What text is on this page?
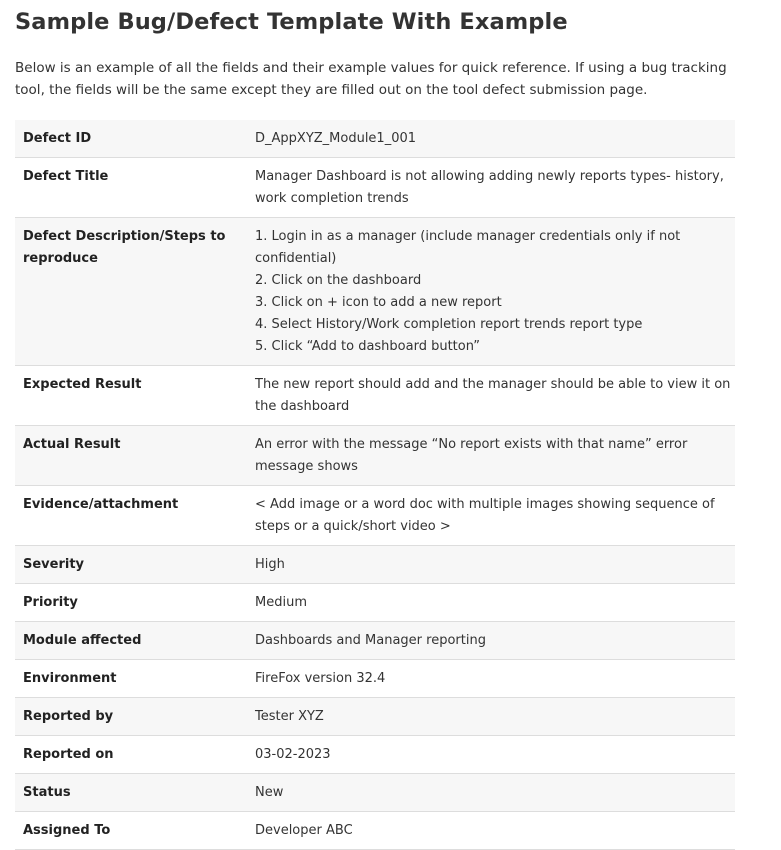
Sample Bug/Defect Template With Example

Below is an example of all the fields and their example values for quick reference. If using a bug tracking tool, the fields will be the same except they are filled out on the tool defect submission page.

Defect ID	D_AppXYZ_Module1_001
Defect Title	Manager Dashboard is not allowing adding newly reports types- history, work completion trends
Defect Description/Steps to reproduce	1. Login in as a manager (include manager credentials only if not confidential)
2. Click on the dashboard
3. Click on + icon to add a new report
4. Select History/Work completion report trends report type
5. Click “Add to dashboard button”

Expected Result	The new report should add and the manager should be able to view it on the dashboard
Actual Result	An error with the message “No report exists with that name” error message shows
Evidence/attachment	< Add image or a word doc with multiple images showing sequence of steps or a quick/short video >
Severity	High
Priority	Medium
Module affected	Dashboards and Manager reporting
Environment	FireFox version 32.4
Reported by	Tester XYZ
Reported on	03-02-2023
Status	New
Assigned To	Developer ABC
